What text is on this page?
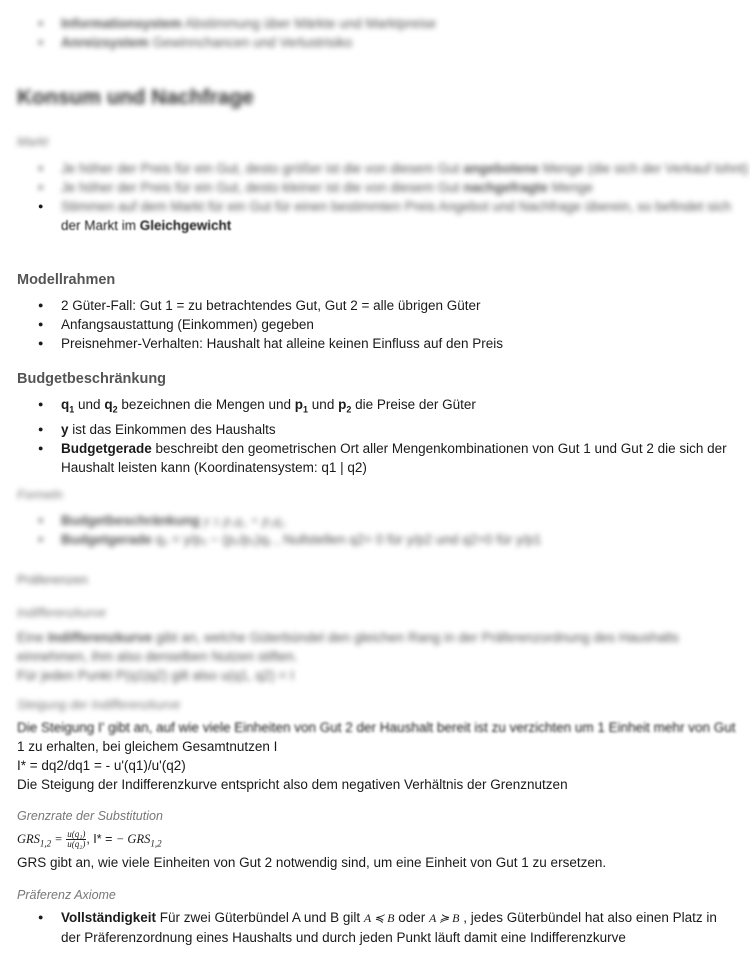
● Informationsystem Abstimmung über Märkte und Marktpreise
● Anreizsystem Gewinnchancen und Verlustrisiko
Konsum und Nachfrage
Markt
● Je höher der Preis für ein Gut, desto größer ist die von diesem Gut angebotene Menge (die sich der Verkauf lohnt)
● Je höher der Preis für ein Gut, desto kleiner ist die von diesem Gut nachgefragte Menge
● Stimmen auf dem Markt für ein Gut für einen bestimmten Preis Angebot und Nachfrage überein, so befindet sich
der Markt im Gleichgewicht
Modellrahmen
● 2 Güter-Fall: Gut 1 = zu betrachtendes Gut, Gut 2 = alle übrigen Güter
● Anfangsaustattung (Einkommen) gegeben
● Preisnehmer-Verhalten: Haushalt hat alleine keinen Einfluss auf den Preis
Budgetbeschränkung
● $q_1$ und $q_2$ bezeichnen die Mengen und $p_1$ und $p_2$ die Preise der Güter
● y ist das Einkommen des Haushalts
● Budgetgerade beschreibt den geometrischen Ort aller Mengenkombinationen von Gut 1 und Gut 2 die sich der
Haushalt leisten kann (Koordinatensystem: q1 | q2)
Formeln
● Budgetbeschränkung y ≥ p₁q₁ + p₂q₂
● Budgetgerade q₂ = y/p₂ − (p₁/p₂)q₁ , Nullstellen q2= 0 für y/p2 und q2=0 für y/p1
Präferenzen
Indifferenzkurve

Eine Indifferenzkurve gibt an, welche Güterbündel den gleichen Rang in der Präferenzordnung des Haushalts

einnehmen, ihm also denselben Nutzen stiften.

Für jeden Punkt P(q1|q2) gilt also u(q1, q2) = I

Steigung der Indifferenzkurve

Die Steigung I' gibt an, auf wie viele Einheiten von Gut 2 der Haushalt bereit ist zu verzichten um 1 Einheit mehr von Gut

1 zu erhalten, bei gleichem Gesamtnutzen I

I* = dq2/dq1 = - u'(q1)/u'(q2)

Die Steigung der Indifferenzkurve entspricht also dem negativen Verhältnis der Grenznutzen

Grenzrate der Substitution
$GRS_{1,2} = \frac{\text{u(q₁)}}{\text{u(q₂)}}$ , I* = − $GRS_{1,2}$

GRS gibt an, wie viele Einheiten von Gut 2 notwendig sind, um eine Einheit von Gut 1 zu ersetzen.

Präferenz Axiome
● Vollständigkeit Für zwei Güterbündel A und B gilt A ≼ B oder A ≽ B , jedes Güterbündel hat also einen Platz in
der Präferenzordnung eines Haushalts und durch jeden Punkt läuft damit eine Indifferenzkurve
